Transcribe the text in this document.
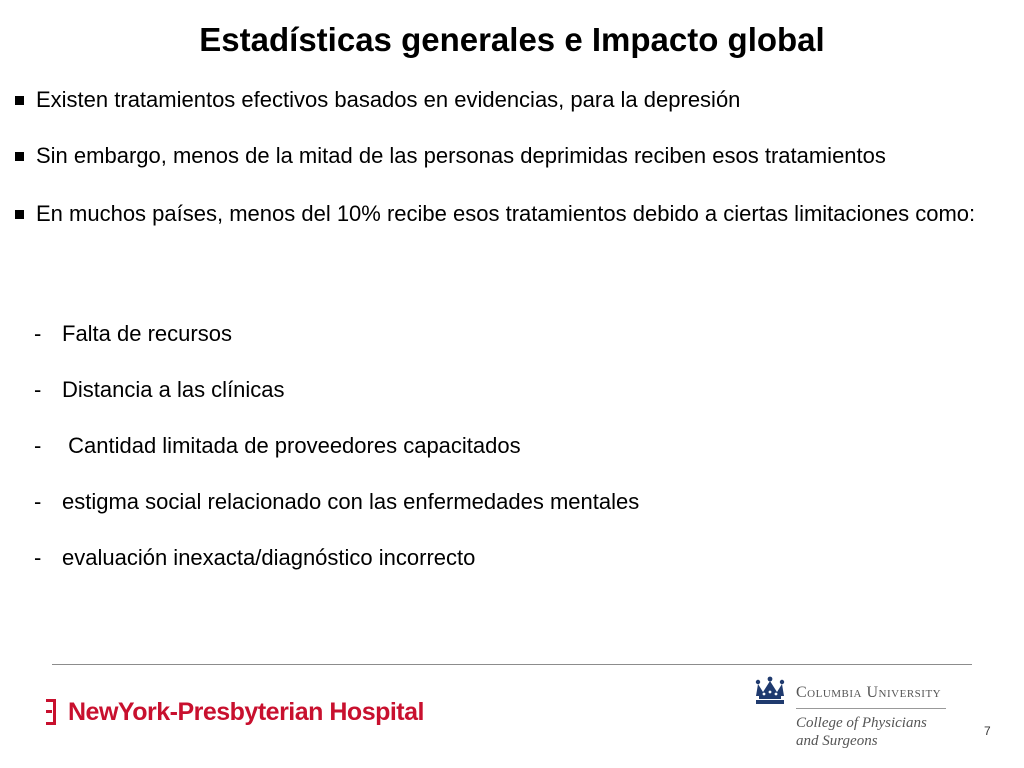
Estadísticas generales e Impacto global
Existen tratamientos efectivos basados en evidencias, para la depresión
Sin embargo, menos de la mitad de las personas deprimidas reciben esos tratamientos
En muchos países, menos del 10% recibe esos tratamientos debido a ciertas limitaciones como:
- Falta de recursos
- Distancia a las clínicas
- Cantidad limitada de proveedores capacitados
- estigma social relacionado con las enfermedades mentales
- evaluación inexacta/diagnóstico incorrecto
NewYork-Presbyterian Hospital
Columbia University
College of Physicians
and Surgeons
7
